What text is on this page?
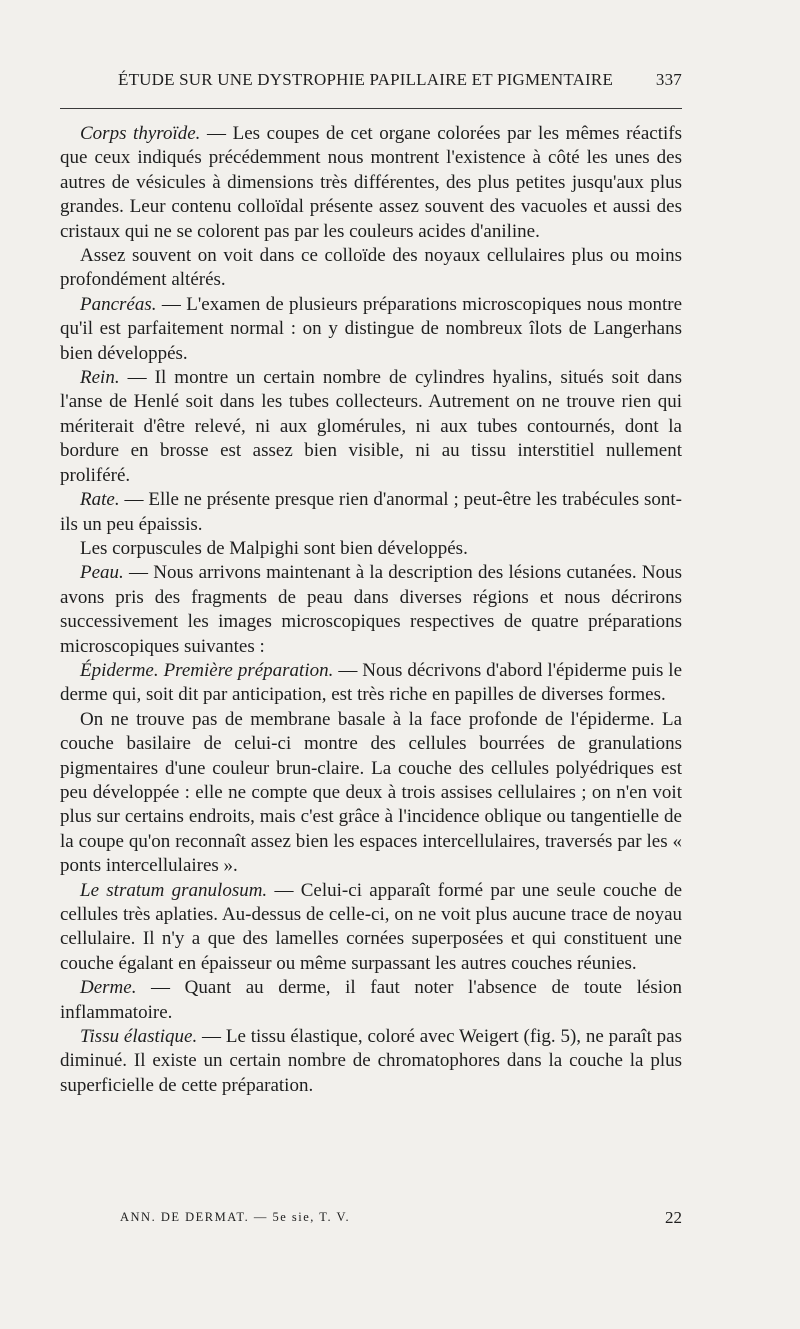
ÉTUDE SUR UNE DYSTROPHIE PAPILLAIRE ET PIGMENTAIRE	337

Corps thyroïde. — Les coupes de cet organe colorées par les mêmes réactifs que ceux indiqués précédemment nous montrent l'existence à côté les unes des autres de vésicules à dimensions très différentes, des plus petites jusqu'aux plus grandes. Leur contenu colloïdal présente assez souvent des vacuoles et aussi des cristaux qui ne se colorent pas par les couleurs acides d'aniline.

Assez souvent on voit dans ce colloïde des noyaux cellulaires plus ou moins profondément altérés.

Pancréas. — L'examen de plusieurs préparations microscopiques nous montre qu'il est parfaitement normal : on y distingue de nombreux îlots de Langerhans bien développés.

Rein. — Il montre un certain nombre de cylindres hyalins, situés soit dans l'anse de Henlé soit dans les tubes collecteurs. Autrement on ne trouve rien qui mériterait d'être relevé, ni aux glomérules, ni aux tubes contournés, dont la bordure en brosse est assez bien visible, ni au tissu interstitiel nullement proliféré.

Rate. — Elle ne présente presque rien d'anormal ; peut-être les trabécules sont-ils un peu épaissis.

Les corpuscules de Malpighi sont bien développés.

Peau. — Nous arrivons maintenant à la description des lésions cutanées. Nous avons pris des fragments de peau dans diverses régions et nous décrirons successivement les images microscopiques respectives de quatre préparations microscopiques suivantes :

Épiderme. Première préparation. — Nous décrivons d'abord l'épiderme puis le derme qui, soit dit par anticipation, est très riche en papilles de diverses formes.

On ne trouve pas de membrane basale à la face profonde de l'épiderme. La couche basilaire de celui-ci montre des cellules bourrées de granulations pigmentaires d'une couleur brun-claire. La couche des cellules polyédriques est peu développée : elle ne compte que deux à trois assises cellulaires ; on n'en voit plus sur certains endroits, mais c'est grâce à l'incidence oblique ou tangentielle de la coupe qu'on reconnaît assez bien les espaces intercellulaires, traversés par les « ponts intercellulaires ».

Le stratum granulosum. — Celui-ci apparaît formé par une seule couche de cellules très aplaties. Au-dessus de celle-ci, on ne voit plus aucune trace de noyau cellulaire. Il n'y a que des lamelles cornées superposées et qui constituent une couche égalant en épaisseur ou même surpassant les autres couches réunies.

Derme. — Quant au derme, il faut noter l'absence de toute lésion inflammatoire.

Tissu élastique. — Le tissu élastique, coloré avec Weigert (fig. 5), ne paraît pas diminué. Il existe un certain nombre de chromatophores dans la couche la plus superficielle de cette préparation.

ANN. DE DERMAT. — 5e sie, T. V.	22
